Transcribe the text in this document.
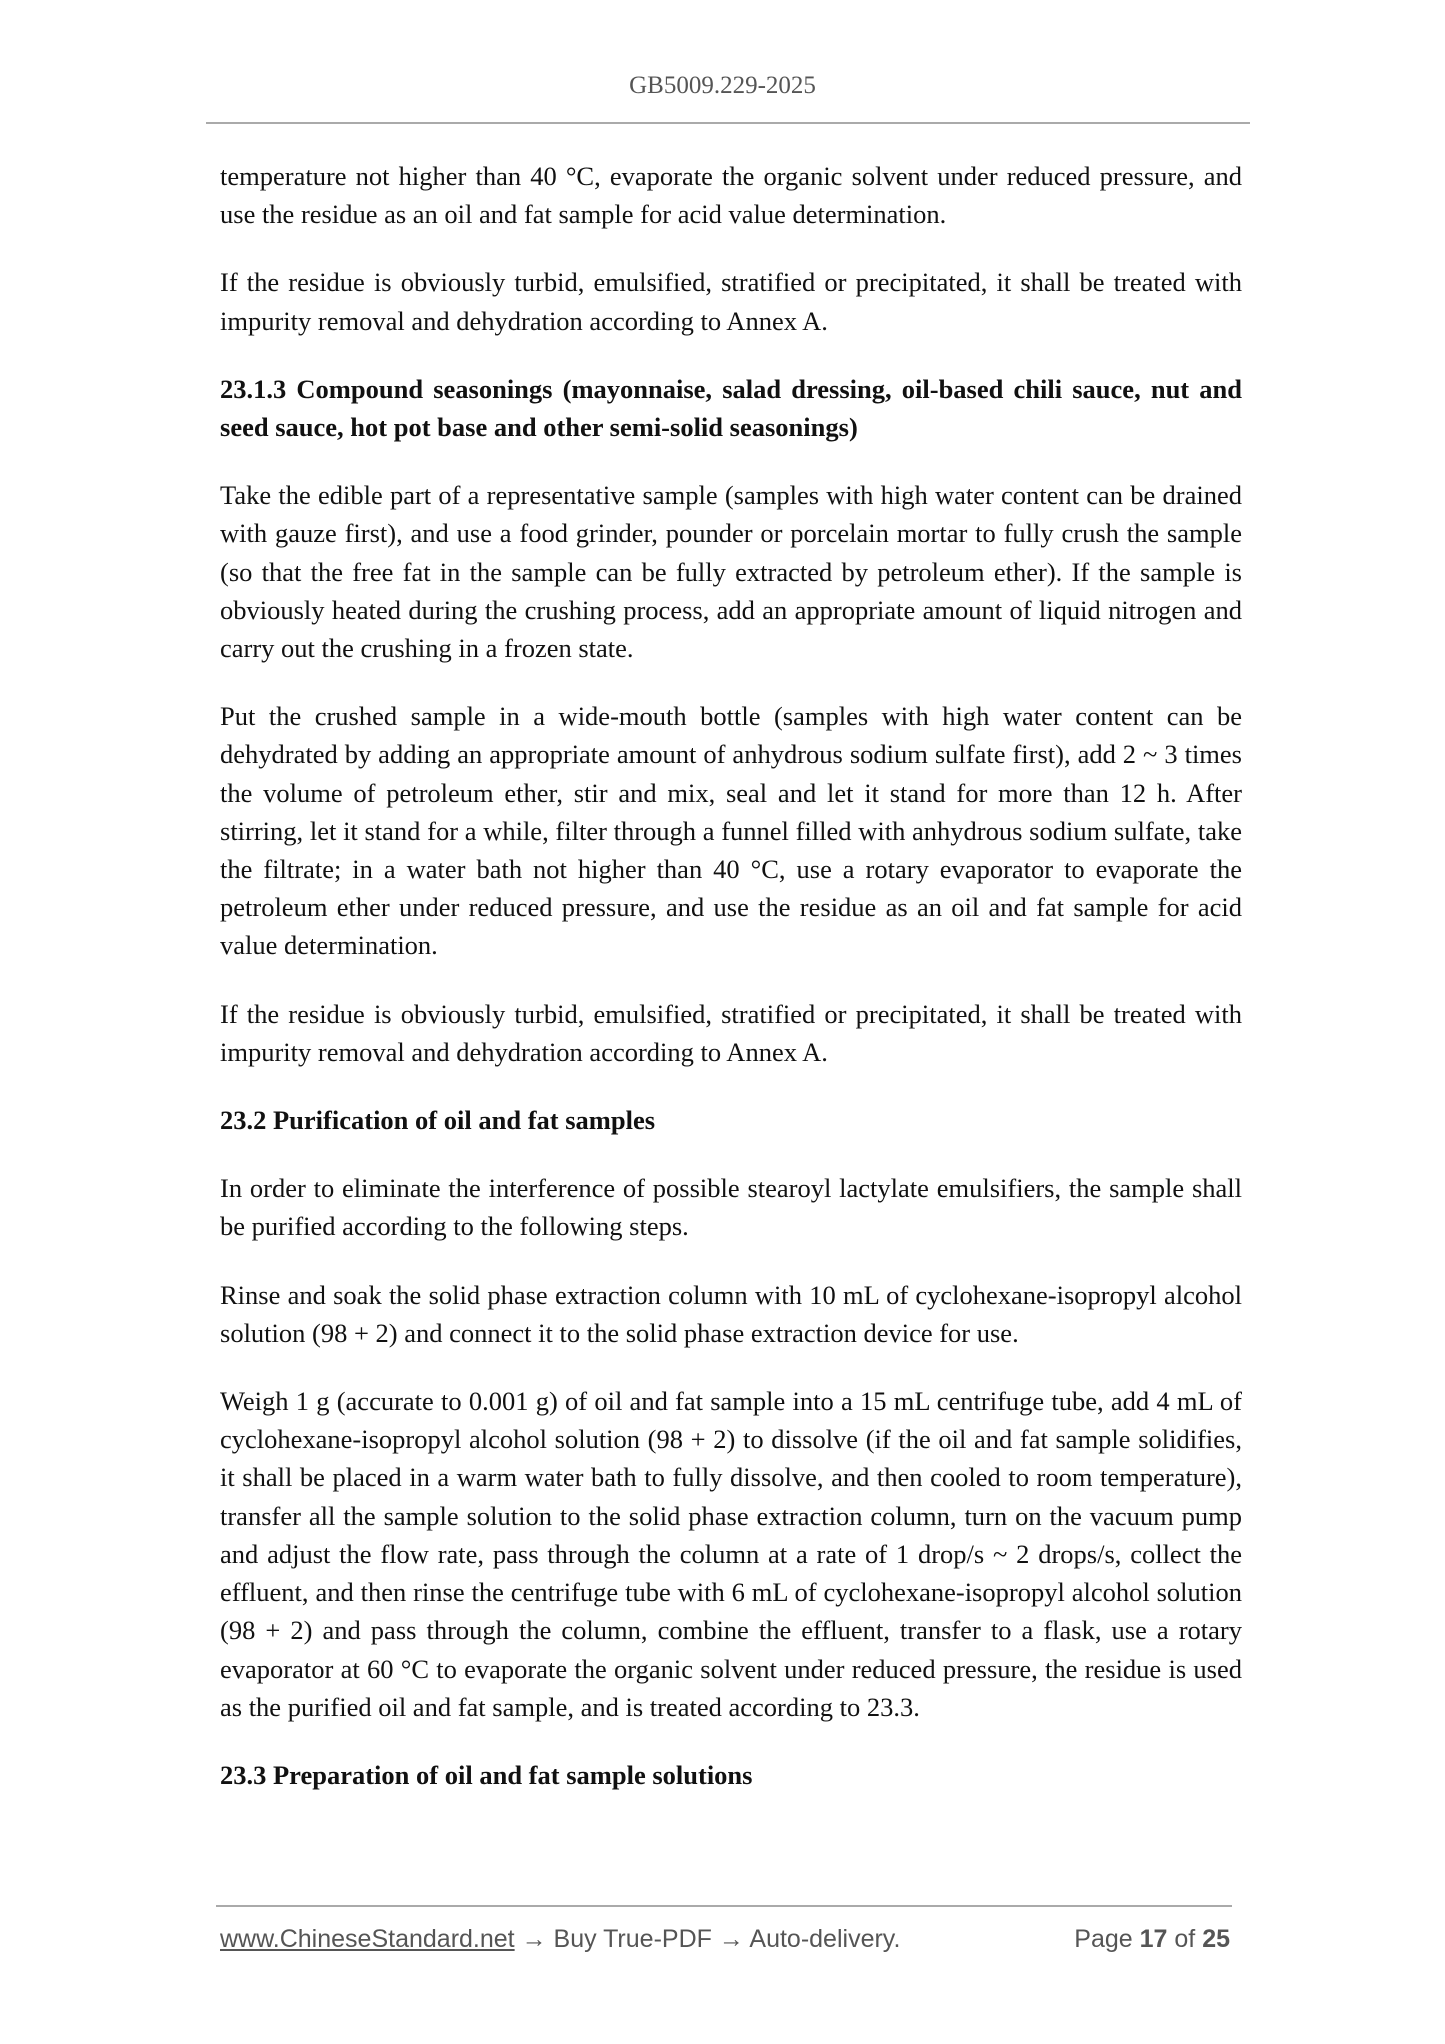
GB5009.229-2025

temperature not higher than 40 °C, evaporate the organic solvent under reduced pressure, and use the residue as an oil and fat sample for acid value determination.

If the residue is obviously turbid, emulsified, stratified or precipitated, it shall be treated with impurity removal and dehydration according to Annex A.

23.1.3 Compound seasonings (mayonnaise, salad dressing, oil-based chili sauce, nut and seed sauce, hot pot base and other semi-solid seasonings)

Take the edible part of a representative sample (samples with high water content can be drained with gauze first), and use a food grinder, pounder or porcelain mortar to fully crush the sample (so that the free fat in the sample can be fully extracted by petroleum ether). If the sample is obviously heated during the crushing process, add an appropriate amount of liquid nitrogen and carry out the crushing in a frozen state.

Put the crushed sample in a wide-mouth bottle (samples with high water content can be dehydrated by adding an appropriate amount of anhydrous sodium sulfate first), add 2 ~ 3 times the volume of petroleum ether, stir and mix, seal and let it stand for more than 12 h. After stirring, let it stand for a while, filter through a funnel filled with anhydrous sodium sulfate, take the filtrate; in a water bath not higher than 40 °C, use a rotary evaporator to evaporate the petroleum ether under reduced pressure, and use the residue as an oil and fat sample for acid value determination.

If the residue is obviously turbid, emulsified, stratified or precipitated, it shall be treated with impurity removal and dehydration according to Annex A.

23.2 Purification of oil and fat samples

In order to eliminate the interference of possible stearoyl lactylate emulsifiers, the sample shall be purified according to the following steps.

Rinse and soak the solid phase extraction column with 10 mL of cyclohexane-isopropyl alcohol solution (98 + 2) and connect it to the solid phase extraction device for use.

Weigh 1 g (accurate to 0.001 g) of oil and fat sample into a 15 mL centrifuge tube, add 4 mL of cyclohexane-isopropyl alcohol solution (98 + 2) to dissolve (if the oil and fat sample solidifies, it shall be placed in a warm water bath to fully dissolve, and then cooled to room temperature), transfer all the sample solution to the solid phase extraction column, turn on the vacuum pump and adjust the flow rate, pass through the column at a rate of 1 drop/s ~ 2 drops/s, collect the effluent, and then rinse the centrifuge tube with 6 mL of cyclohexane-isopropyl alcohol solution (98 + 2) and pass through the column, combine the effluent, transfer to a flask, use a rotary evaporator at 60 °C to evaporate the organic solvent under reduced pressure, the residue is used as the purified oil and fat sample, and is treated according to 23.3.

23.3 Preparation of oil and fat sample solutions

www.ChineseStandard.net → Buy True-PDF → Auto-delivery.	Page 17 of 25
